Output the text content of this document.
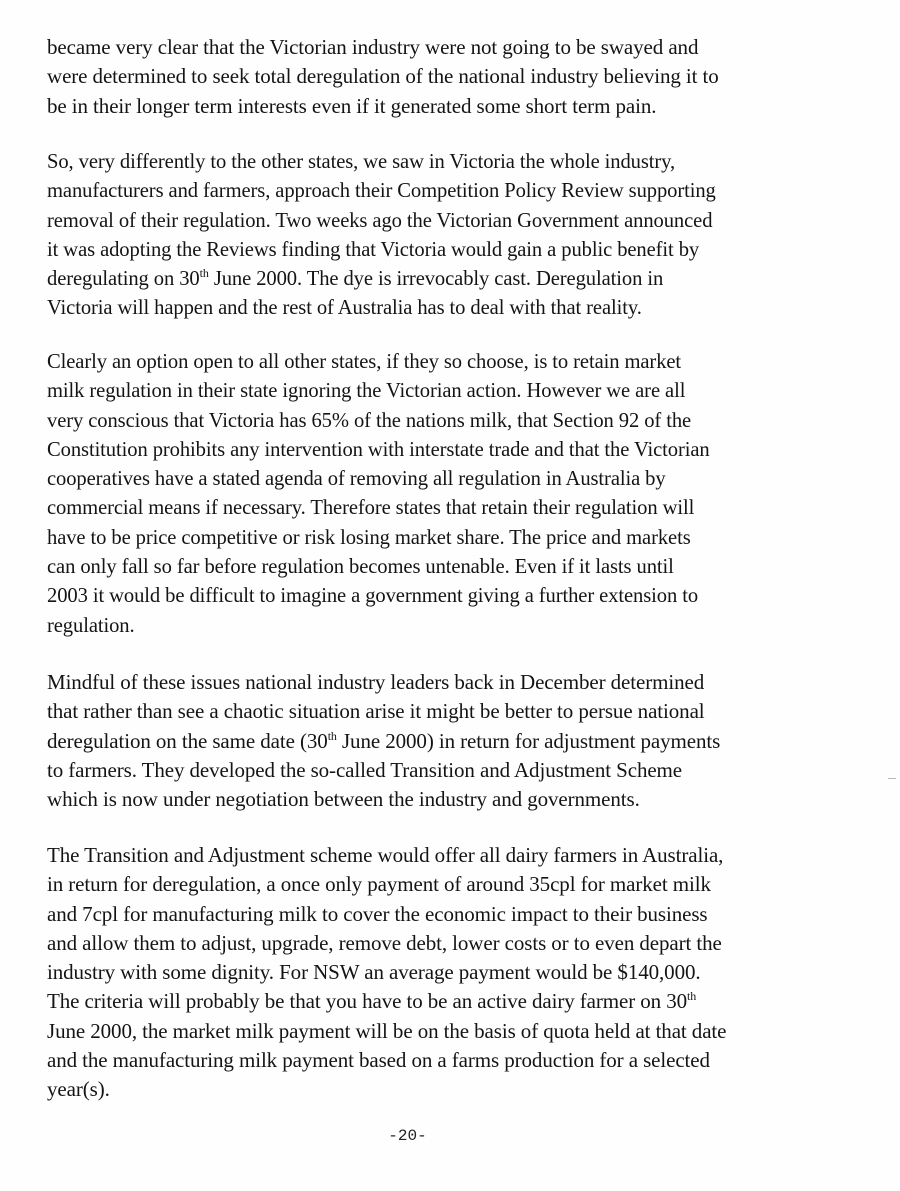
became very clear that the Victorian industry were not going to be swayed and
were determined to seek total deregulation of the national industry believing it to
be in their longer term interests even if it generated some short term pain.

So, very differently to the other states, we saw in Victoria the whole industry,
manufacturers and farmers, approach their Competition Policy Review supporting
removal of their regulation. Two weeks ago the Victorian Government announced
it was adopting the Reviews finding that Victoria would gain a public benefit by
deregulating on 30th June 2000. The dye is irrevocably cast. Deregulation in
Victoria will happen and the rest of Australia has to deal with that reality.

Clearly an option open to all other states, if they so choose, is to retain market
milk regulation in their state ignoring the Victorian action. However we are all
very conscious that Victoria has 65% of the nations milk, that Section 92 of the
Constitution prohibits any intervention with interstate trade and that the Victorian
cooperatives have a stated agenda of removing all regulation in Australia by
commercial means if necessary. Therefore states that retain their regulation will
have to be price competitive or risk losing market share. The price and markets
can only fall so far before regulation becomes untenable. Even if it lasts until
2003 it would be difficult to imagine a government giving a further extension to
regulation.

Mindful of these issues national industry leaders back in December determined
that rather than see a chaotic situation arise it might be better to persue national
deregulation on the same date (30th June 2000) in return for adjustment payments
to farmers. They developed the so-called Transition and Adjustment Scheme
which is now under negotiation between the industry and governments.

The Transition and Adjustment scheme would offer all dairy farmers in Australia,
in return for deregulation, a once only payment of around 35cpl for market milk
and 7cpl for manufacturing milk to cover the economic impact to their business
and allow them to adjust, upgrade, remove debt, lower costs or to even depart the
industry with some dignity. For NSW an average payment would be $140,000.
The criteria will probably be that you have to be an active dairy farmer on 30th
June 2000, the market milk payment will be on the basis of quota held at that date
and the manufacturing milk payment based on a farms production for a selected
year(s).

-20-
